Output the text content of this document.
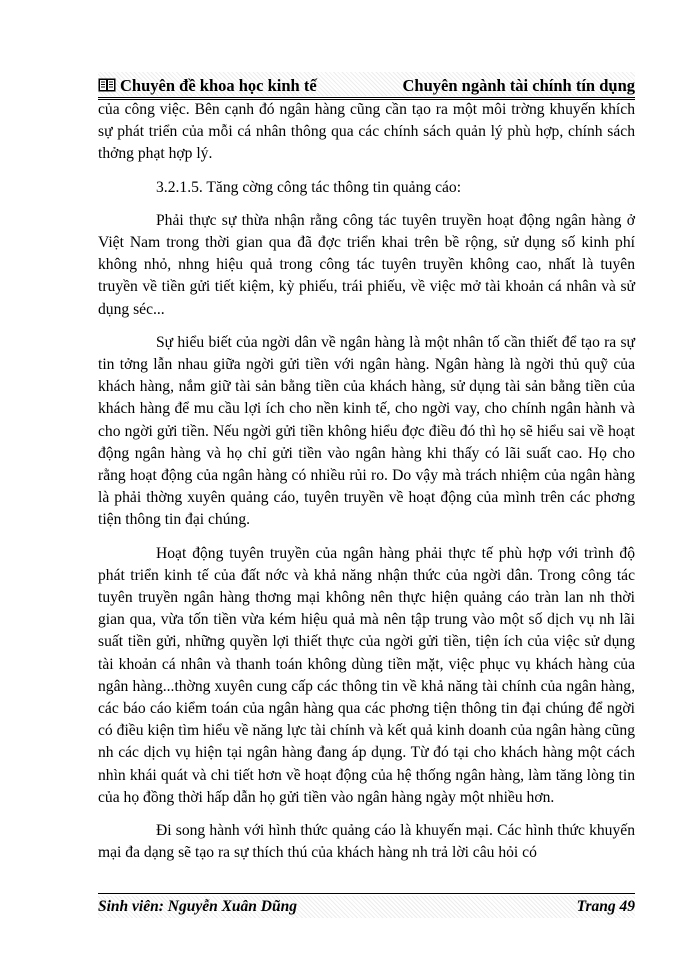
Chuyên đề khoa học kinh tế	Chuyên ngành tài chính tín dụng

của công việc. Bên cạnh đó ngân hàng cũng cần tạo ra một môi trờng khuyến khích sự phát triển của mỗi cá nhân thông qua các chính sách quản lý phù hợp, chính sách thởng phạt hợp lý.

3.2.1.5. Tăng cờng công tác thông tin quảng cáo:

Phải thực sự thừa nhận rằng công tác tuyên truyền hoạt động ngân hàng ở Việt Nam trong thời gian qua đã đợc triển khai trên bề rộng, sử dụng số kinh phí không nhỏ, nhng hiệu quả trong công tác tuyên truyền không cao, nhất là tuyên truyền về tiền gửi tiết kiệm, kỳ phiếu, trái phiếu, về việc mở tài khoản cá nhân và sử dụng séc...

Sự hiểu biết của ngời dân về ngân hàng là một nhân tố cần thiết để tạo ra sự tin tởng lẫn nhau giữa ngời gửi tiền với ngân hàng. Ngân hàng là ngời thủ quỹ của khách hàng, nắm giữ tài sản bằng tiền của khách hàng, sử dụng tài sản bằng tiền của khách hàng để mu cầu lợi ích cho nền kinh tế, cho ngời vay, cho chính ngân hành và cho ngời gửi tiền. Nếu ngời gửi tiền không hiểu đợc điều đó thì họ sẽ hiểu sai về hoạt động ngân hàng và họ chỉ gửi tiền vào ngân hàng khi thấy có lãi suất cao. Họ cho rằng hoạt động của ngân hàng có nhiều rủi ro. Do vậy mà trách nhiệm của ngân hàng là phải thờng xuyên quảng cáo, tuyên truyền về hoạt động của mình trên các phơng tiện thông tin đại chúng.

Hoạt động tuyên truyền của ngân hàng phải thực tế phù hợp với trình độ phát triển kinh tế của đất nớc và khả năng nhận thức của ngời dân. Trong công tác tuyên truyền ngân hàng thơng mại không nên thực hiện quảng cáo tràn lan nh thời gian qua, vừa tốn tiền vừa kém hiệu quả mà nên tập trung vào một số dịch vụ nh lãi suất tiền gửi, những quyền lợi thiết thực của ngời gửi tiền, tiện ích của việc sử dụng tài khoản cá nhân và thanh toán không dùng tiền mặt, việc phục vụ khách hàng của ngân hàng...thờng xuyên cung cấp các thông tin về khả năng tài chính của ngân hàng, các báo cáo kiểm toán của ngân hàng qua các phơng tiện thông tin đại chúng để ngời có điều kiện tìm hiểu về năng lực tài chính và kết quả kinh doanh của ngân hàng cũng nh các dịch vụ hiện tại ngân hàng đang áp dụng. Từ đó tại cho khách hàng một cách nhìn khái quát và chi tiết hơn về hoạt động của hệ thống ngân hàng, làm tăng lòng tin của họ đồng thời hấp dẫn họ gửi tiền vào ngân hàng ngày một nhiều hơn.

Đi song hành với hình thức quảng cáo là khuyến mại. Các hình thức khuyến mại đa dạng sẽ tạo ra sự thích thú của khách hàng nh trả lời câu hỏi có

Sinh viên: Nguyễn Xuân Dũng	Trang 49
